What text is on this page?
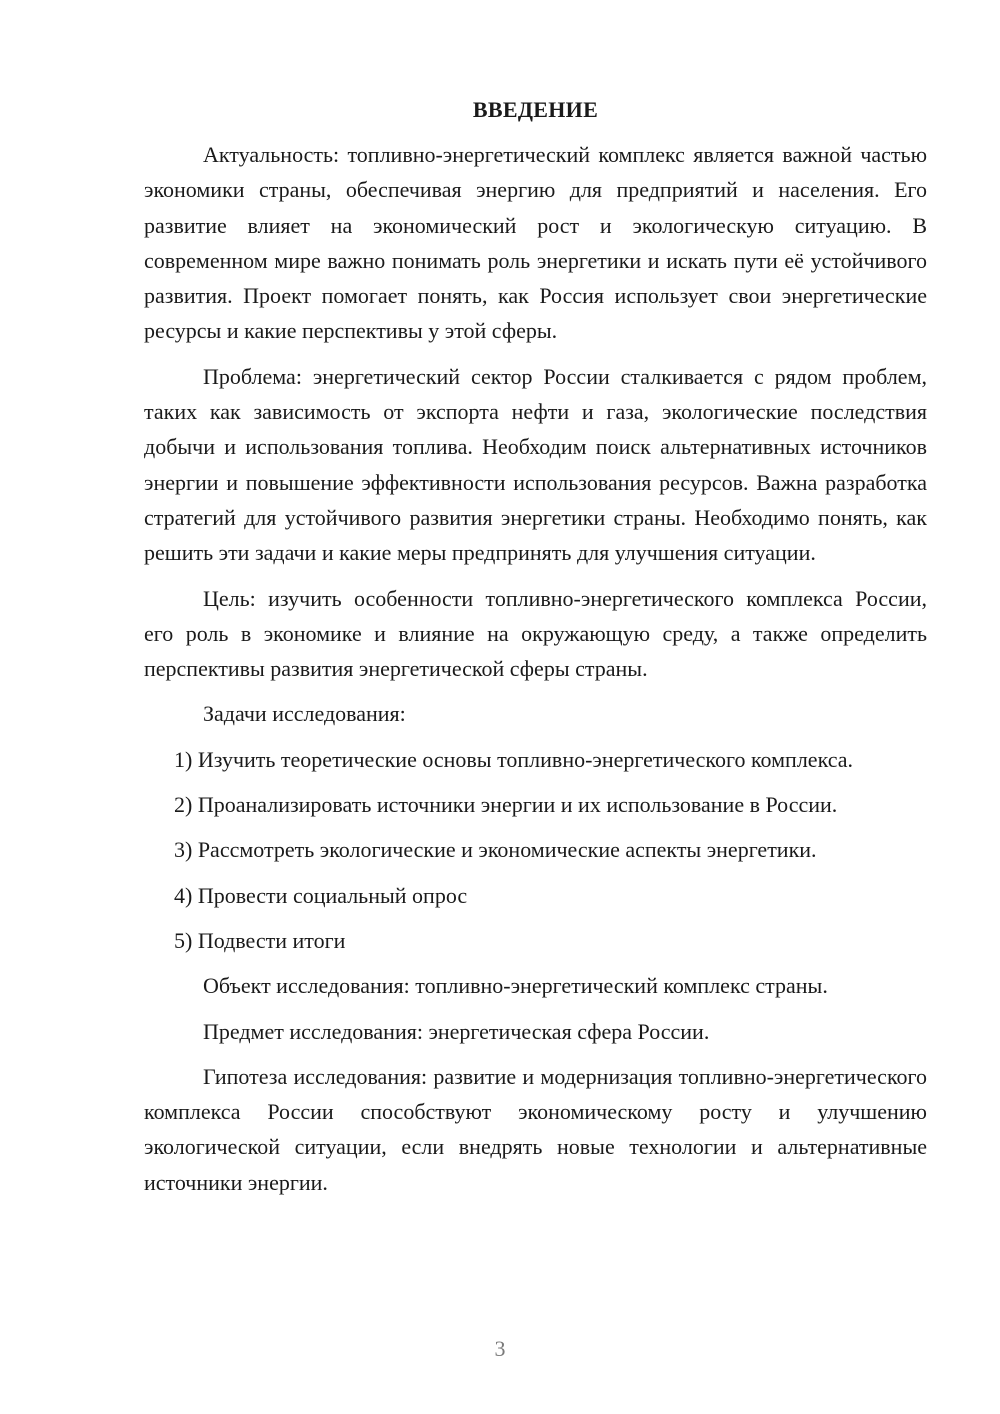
ВВЕДЕНИЕ

Актуальность: топливно-энергетический комплекс является важной частью экономики страны, обеспечивая энергию для предприятий и населения. Его развитие влияет на экономический рост и экологическую ситуацию. В современном мире важно понимать роль энергетики и искать пути её устойчивого развития. Проект помогает понять, как Россия использует свои энергетические ресурсы и какие перспективы у этой сферы.

Проблема: энергетический сектор России сталкивается с рядом проблем, таких как зависимость от экспорта нефти и газа, экологические последствия добычи и использования топлива. Необходим поиск альтернативных источников энергии и повышение эффективности использования ресурсов. Важна разработка стратегий для устойчивого развития энергетики страны. Необходимо понять, как решить эти задачи и какие меры предпринять для улучшения ситуации.

Цель: изучить особенности топливно-энергетического комплекса России, его роль в экономике и влияние на окружающую среду, а также определить перспективы развития энергетической сферы страны.

Задачи исследования:

1) Изучить теоретические основы топливно-энергетического комплекса.

2) Проанализировать источники энергии и их использование в России.

3) Рассмотреть экологические и экономические аспекты энергетики.

4) Провести социальный опрос

5) Подвести итоги

Объект исследования: топливно-энергетический комплекс страны.

Предмет исследования: энергетическая сфера России.

Гипотеза исследования: развитие и модернизация топливно-энергетического комплекса России способствуют экономическому росту и улучшению экологической ситуации, если внедрять новые технологии и альтернативные источники энергии.

3
